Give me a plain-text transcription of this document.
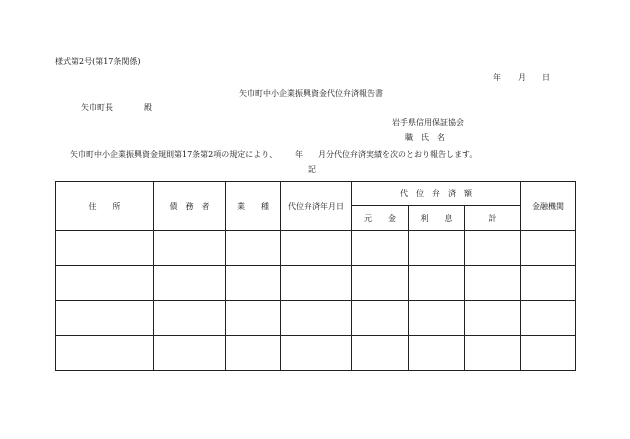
様式第2号(第17条関係)
年 月 日
矢巾町中小企業振興資金代位弁済報告書
矢巾町長	殿
岩手県信用保証協会
職　氏　名
矢巾町中小企業振興資金規則第17条第2項の規定により、 年 月分代位弁済実績を次のとおり報告します。
記
住　　所	債　務　者	業　　種	代位弁済年月日	代　位　弁　済　額			金融機関
				元　　金	利　　息	計	
